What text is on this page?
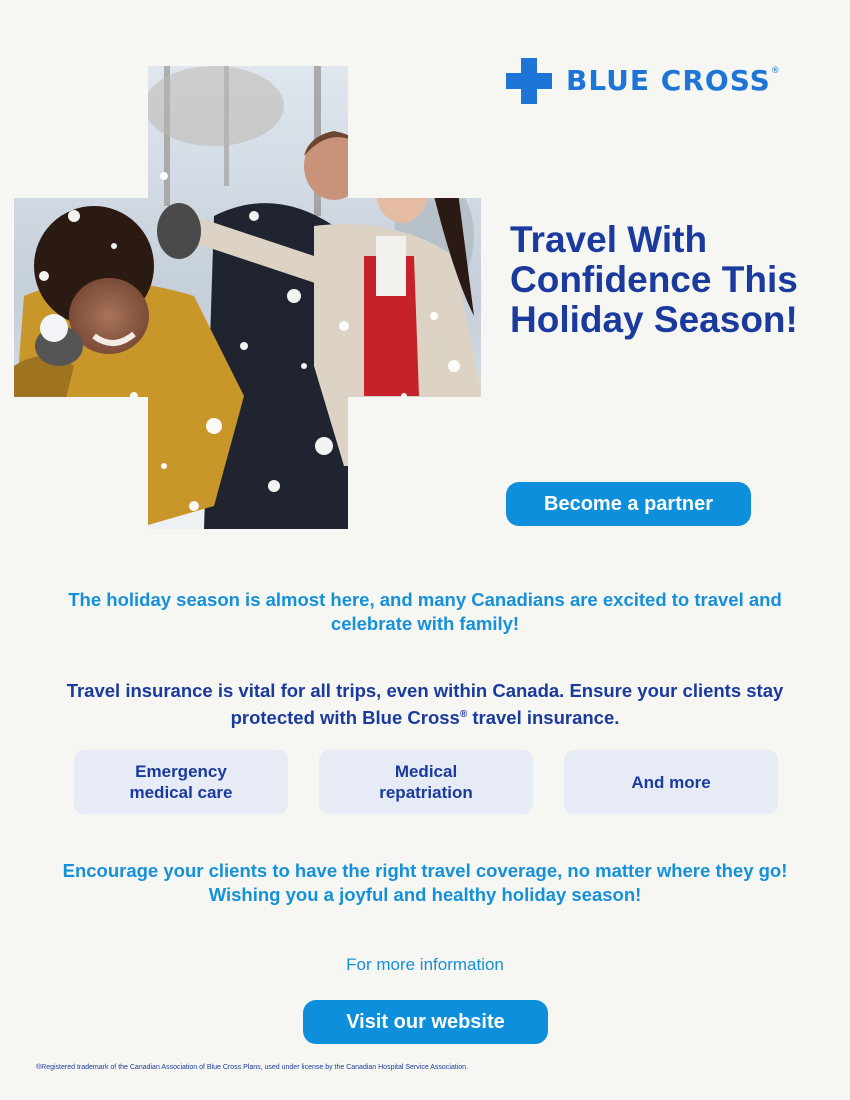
BLUE CROSS®
Travel With Confidence This Holiday Season!
Become a partner

The holiday season is almost here, and many Canadians are excited to travel and celebrate with family!

Travel insurance is vital for all trips, even within Canada. Ensure your clients stay protected with Blue Cross® travel insurance.

Emergency
medical care
Medical
repatriation
And more

Encourage your clients to have the right travel coverage, no matter where they go! Wishing you a joyful and healthy holiday season!

For more information

Visit our website

®Registered trademark of the Canadian Association of Blue Cross Plans, used under license by the Canadian Hospital Service Association.
